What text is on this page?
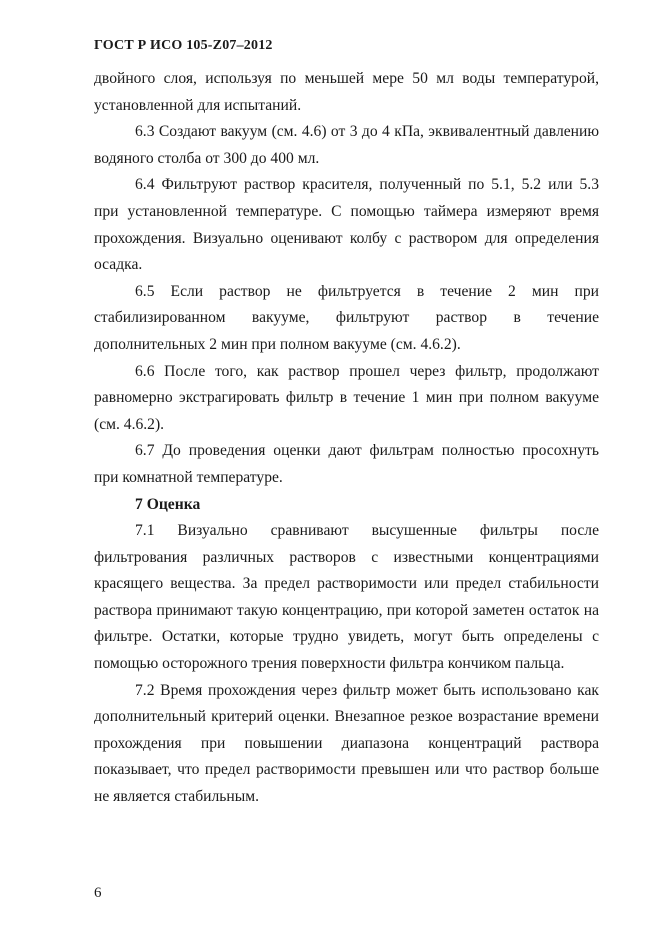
ГОСТ Р ИСО 105-Z07–2012

двойного слоя, используя по меньшей мере 50 мл воды температурой, установленной для испытаний.

6.3 Создают вакуум (см. 4.6) от 3 до 4 кПа, эквивалентный давлению водяного столба от 300 до 400 мл.

6.4 Фильтруют раствор красителя, полученный по 5.1, 5.2 или 5.3 при установленной температуре. С помощью таймера измеряют время прохождения. Визуально оценивают колбу с раствором для определения осадка.

6.5 Если раствор не фильтруется в течение 2 мин при стабилизированном вакууме, фильтруют раствор в течение дополнительных 2 мин при полном вакууме (см. 4.6.2).

6.6 После того, как раствор прошел через фильтр, продолжают равномерно экстрагировать фильтр в течение 1 мин при полном вакууме (см. 4.6.2).

6.7 До проведения оценки дают фильтрам полностью просохнуть при комнатной температуре.

7 Оценка

7.1 Визуально сравнивают высушенные фильтры после фильтрования различных растворов с известными концентрациями красящего вещества. За предел растворимости или предел стабильности раствора принимают такую концентрацию, при которой заметен остаток на фильтре. Остатки, которые трудно увидеть, могут быть определены с помощью осторожного трения поверхности фильтра кончиком пальца.

7.2 Время прохождения через фильтр может быть использовано как дополнительный критерий оценки. Внезапное резкое возрастание времени прохождения при повышении диапазона концентраций раствора показывает, что предел растворимости превышен или что раствор больше не является стабильным.

6
